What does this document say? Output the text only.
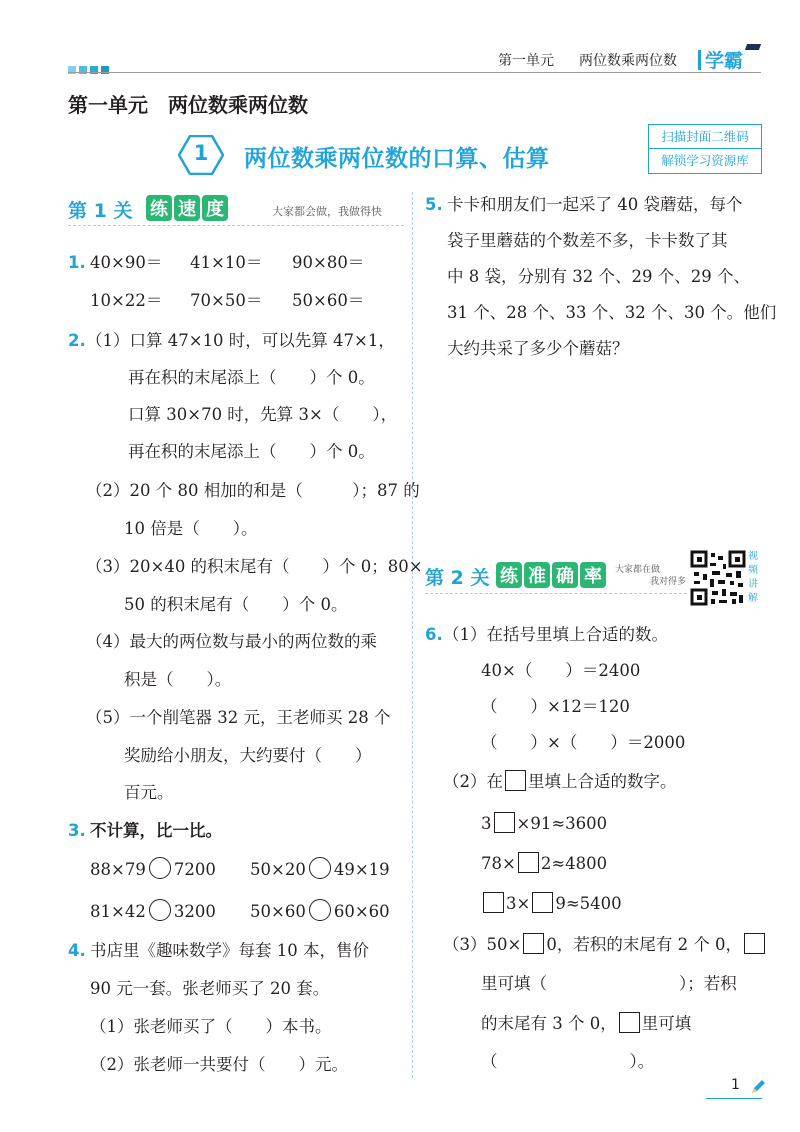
第一单元 两位数乘两位数 学霸
第一单元　两位数乘两位数
1	两位数乘两位数的口算、估算
扫描封面二维码
解锁学习资源库
第 1 关 练 速 度	大家都会做，我做得快
1. 40×90＝ 41×10＝ 90×80＝
10×22＝ 70×50＝ 50×60＝
2. （1）口算 47×10 时，可以先算 47×1，
再在积的末尾添上（　　）个 0。
口算 30×70 时，先算 3×（　　），
再在积的末尾添上（　　）个 0。
（2）20 个 80 相加的和是（　　　）；87 的
10 倍是（　　）。
（3）20×40 的积末尾有（　　）个 0；80×
50 的积末尾有（　　）个 0。
（4）最大的两位数与最小的两位数的乘
积是（　　）。
（5）一个削笔器 32 元，王老师买 28 个
奖励给小朋友，大约要付（　　）
百元。
3. 不计算，比一比。
88×79 7200 50×20 49×19
81×42 3200 50×60 60×60
4. 书店里《趣味数学》每套 10 本，售价
90 元一套。张老师买了 20 套。
（1）张老师买了（　　）本书。
（2）张老师一共要付（　　）元。
5. 卡卡和朋友们一起采了 40 袋蘑菇，每个
袋子里蘑菇的个数差不多，卡卡数了其
中 8 袋，分别有 32 个、29 个、29 个、
31 个、28 个、33 个、32 个、30 个。他们
大约共采了多少个蘑菇？
第 2 关 练 准 确 率	大家都在做
我对得多
视
频
讲
解
6. （1）在括号里填上合适的数。
40×（　　）＝2400
（　　）×12＝120
（　　）×（　　）＝2000
（2）在 里填上合适的数字。
3 ×91≈3600
78× 2≈4800
3× 9≈5400
（3）50× 0，若积的末尾有 2 个 0，
里可填（　　　　　　　　）；若积
的末尾有 3 个 0， 里可填
（　　　　　　　　）。
1
